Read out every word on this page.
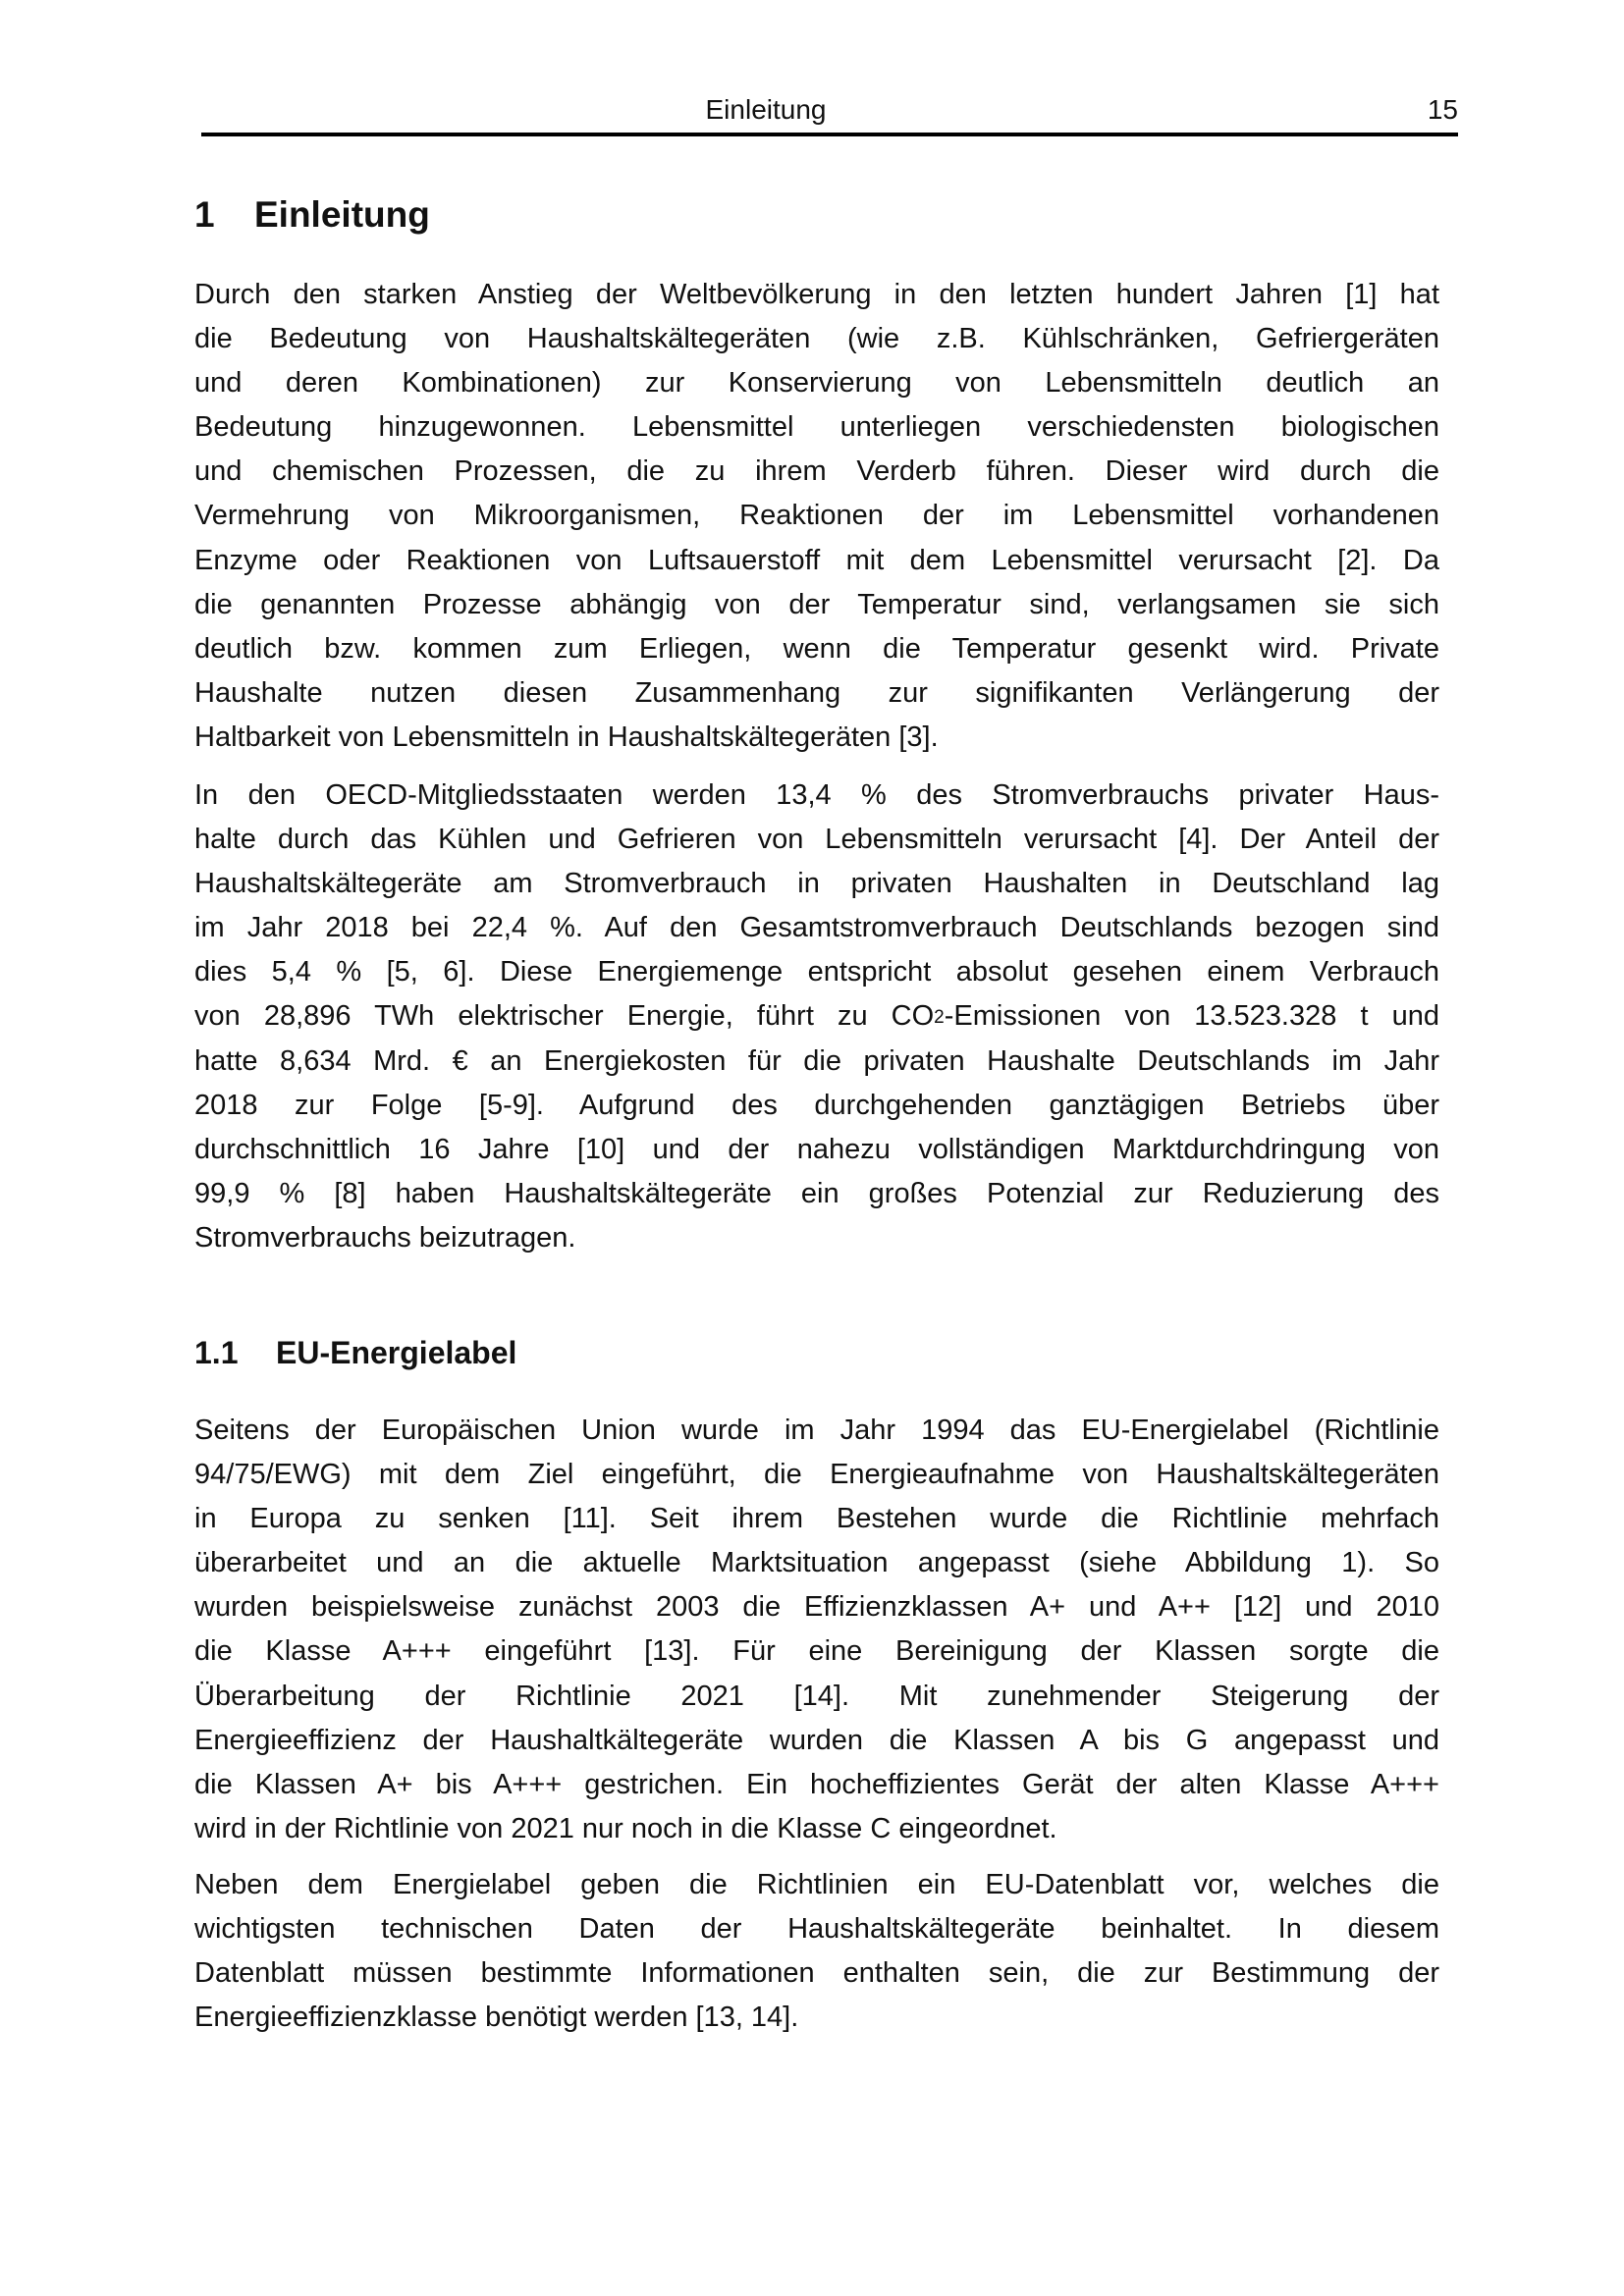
Einleitung	15
1 Einleitung
Durch den starken Anstieg der Weltbevölkerung in den letzten hundert Jahren [1] hat
die Bedeutung von Haushaltskältegeräten (wie z.B. Kühlschränken, Gefriergeräten
und deren Kombinationen) zur Konservierung von Lebensmitteln deutlich an
Bedeutung hinzugewonnen. Lebensmittel unterliegen verschiedensten biologischen
und chemischen Prozessen, die zu ihrem Verderb führen. Dieser wird durch die
Vermehrung von Mikroorganismen, Reaktionen der im Lebensmittel vorhandenen
Enzyme oder Reaktionen von Luftsauerstoff mit dem Lebensmittel verursacht [2]. Da
die genannten Prozesse abhängig von der Temperatur sind, verlangsamen sie sich
deutlich bzw. kommen zum Erliegen, wenn die Temperatur gesenkt wird. Private
Haushalte nutzen diesen Zusammenhang zur signifikanten Verlängerung der
Haltbarkeit von Lebensmitteln in Haushaltskältegeräten [3].
In den OECD-Mitgliedsstaaten werden 13,4 % des Stromverbrauchs privater Haus-
halte durch das Kühlen und Gefrieren von Lebensmitteln verursacht [4]. Der Anteil der
Haushaltskältegeräte am Stromverbrauch in privaten Haushalten in Deutschland lag
im Jahr 2018 bei 22,4 %. Auf den Gesamtstromverbrauch Deutschlands bezogen sind
dies 5,4 % [5, 6]. Diese Energiemenge entspricht absolut gesehen einem Verbrauch
von 28,896 TWh elektrischer Energie, führt zu $CO_2$-Emissionen von 13.523.328 t und
hatte 8,634 Mrd. € an Energiekosten für die privaten Haushalte Deutschlands im Jahr
2018 zur Folge [5-9]. Aufgrund des durchgehenden ganztägigen Betriebs über
durchschnittlich 16 Jahre [10] und der nahezu vollständigen Marktdurchdringung von
99,9 % [8] haben Haushaltskältegeräte ein großes Potenzial zur Reduzierung des
Stromverbrauchs beizutragen.
1.1 EU-Energielabel
Seitens der Europäischen Union wurde im Jahr 1994 das EU-Energielabel (Richtlinie
94/75/EWG) mit dem Ziel eingeführt, die Energieaufnahme von Haushaltskältegeräten
in Europa zu senken [11]. Seit ihrem Bestehen wurde die Richtlinie mehrfach
überarbeitet und an die aktuelle Marktsituation angepasst (siehe Abbildung 1). So
wurden beispielsweise zunächst 2003 die Effizienzklassen A+ und A++ [12] und 2010
die Klasse A+++ eingeführt [13]. Für eine Bereinigung der Klassen sorgte die
Überarbeitung der Richtlinie 2021 [14]. Mit zunehmender Steigerung der
Energieeffizienz der Haushaltkältegeräte wurden die Klassen A bis G angepasst und
die Klassen A+ bis A+++ gestrichen. Ein hocheffizientes Gerät der alten Klasse A+++
wird in der Richtlinie von 2021 nur noch in die Klasse C eingeordnet.
Neben dem Energielabel geben die Richtlinien ein EU-Datenblatt vor, welches die
wichtigsten technischen Daten der Haushaltskältegeräte beinhaltet. In diesem
Datenblatt müssen bestimmte Informationen enthalten sein, die zur Bestimmung der
Energieeffizienzklasse benötigt werden [13, 14].
